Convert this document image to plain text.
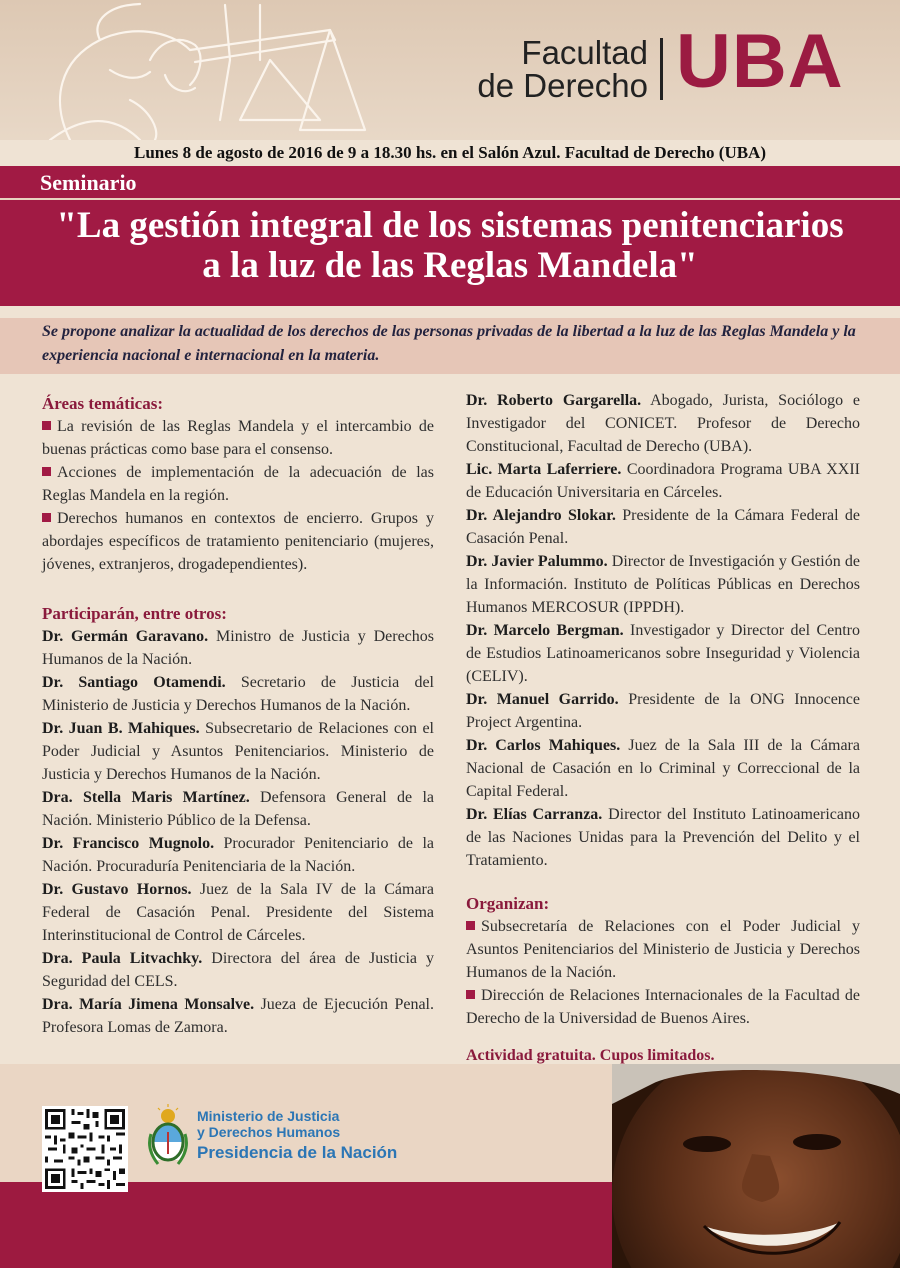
Facultad
de Derecho UBA
Lunes 8 de agosto de 2016 de 9 a 18.30 hs. en el Salón Azul. Facultad de Derecho (UBA)
Seminario
"La gestión integral de los sistemas penitenciarios
a la luz de las Reglas Mandela"
Se propone analizar la actualidad de los derechos de las personas privadas de la libertad a la luz de las Reglas Mandela y la experiencia nacional e internacional en la materia.
Áreas temáticas:

La revisión de las Reglas Mandela y el intercambio de buenas prácticas como base para el consenso.

Acciones de implementación de la adecuación de las Reglas Mandela en la región.

Derechos humanos en contextos de encierro. Grupos y abordajes específicos de tratamiento penitenciario (mujeres, jóvenes, extranjeros, drogadependientes).

Participarán, entre otros:

Dr. Germán Garavano. Ministro de Justicia y Derechos Humanos de la Nación.

Dr. Santiago Otamendi. Secretario de Justicia del Ministerio de Justicia y Derechos Humanos de la Nación.

Dr. Juan B. Mahiques. Subsecretario de Relaciones con el Poder Judicial y Asuntos Penitenciarios. Ministerio de Justicia y Derechos Humanos de la Nación.

Dra. Stella Maris Martínez. Defensora General de la Nación. Ministerio Público de la Defensa.

Dr. Francisco Mugnolo. Procurador Penitenciario de la Nación. Procuraduría Penitenciaria de la Nación.

Dr. Gustavo Hornos. Juez de la Sala IV de la Cámara Federal de Casación Penal. Presidente del Sistema Interinstitucional de Control de Cárceles.

Dra. Paula Litvachky. Directora del área de Justicia y Seguridad del CELS.

Dra. María Jimena Monsalve. Jueza de Ejecución Penal. Profesora Lomas de Zamora.

Dr. Roberto Gargarella. Abogado, Jurista, Sociólogo e Investigador del CONICET. Profesor de Derecho Constitucional, Facultad de Derecho (UBA).

Lic. Marta Laferriere. Coordinadora Programa UBA XXII de Educación Universitaria en Cárceles.

Dr. Alejandro Slokar. Presidente de la Cámara Federal de Casación Penal.

Dr. Javier Palummo. Director de Investigación y Gestión de la Información. Instituto de Políticas Públicas en Derechos Humanos MERCOSUR (IPPDH).

Dr. Marcelo Bergman. Investigador y Director del Centro de Estudios Latinoamericanos sobre Inseguridad y Violencia (CELIV).

Dr. Manuel Garrido. Presidente de la ONG Innocence Project Argentina.

Dr. Carlos Mahiques. Juez de la Sala III de la Cámara Nacional de Casación en lo Criminal y Correccional de la Capital Federal.

Dr. Elías Carranza. Director del Instituto Latinoamericano de las Naciones Unidas para la Prevención del Delito y el Tratamiento.

Organizan:

Subsecretaría de Relaciones con el Poder Judicial y Asuntos Penitenciarios del Ministerio de Justicia y Derechos Humanos de la Nación.

Dirección de Relaciones Internacionales de la Facultad de Derecho de la Universidad de Buenos Aires.

Actividad gratuita. Cupos limitados.
Ministerio de Justicia
y Derechos Humanos
Presidencia de la Nación
